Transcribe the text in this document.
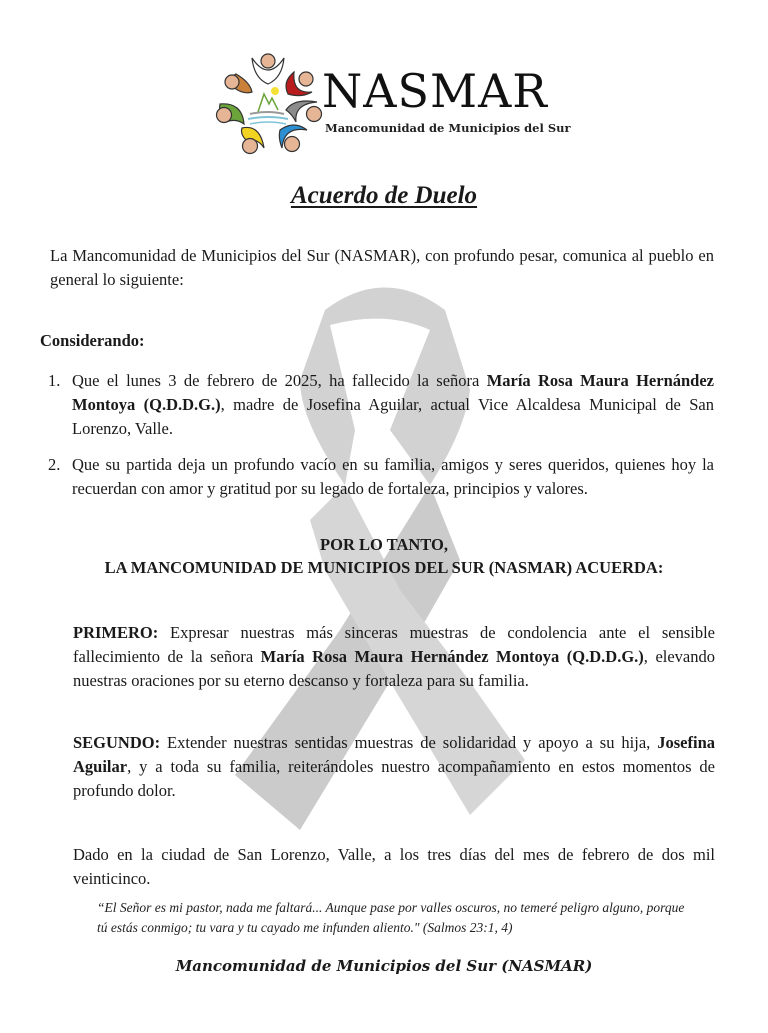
NASMAR
Mancomunidad de Municipios del Sur
Acuerdo de Duelo
La Mancomunidad de Municipios del Sur (NASMAR), con profundo pesar, comunica al pueblo en general lo siguiente:
Considerando:
1. Que el lunes 3 de febrero de 2025, ha fallecido la señora María Rosa Maura Hernández Montoya (Q.D.D.G.), madre de Josefina Aguilar, actual Vice Alcaldesa Municipal de San Lorenzo, Valle.
2. Que su partida deja un profundo vacío en su familia, amigos y seres queridos, quienes hoy la recuerdan con amor y gratitud por su legado de fortaleza, principios y valores.
POR LO TANTO,
LA MANCOMUNIDAD DE MUNICIPIOS DEL SUR (NASMAR) ACUERDA:
PRIMERO: Expresar nuestras más sinceras muestras de condolencia ante el sensible fallecimiento de la señora María Rosa Maura Hernández Montoya (Q.D.D.G.), elevando nuestras oraciones por su eterno descanso y fortaleza para su familia.
SEGUNDO: Extender nuestras sentidas muestras de solidaridad y apoyo a su hija, Josefina Aguilar, y a toda su familia, reiterándoles nuestro acompañamiento en estos momentos de profundo dolor.
Dado en la ciudad de San Lorenzo, Valle, a los tres días del mes de febrero de dos mil veinticinco.
“El Señor es mi pastor, nada me faltará... Aunque pase por valles oscuros, no temeré peligro alguno, porque tú estás conmigo; tu vara y tu cayado me infunden aliento." (Salmos 23:1, 4)
Mancomunidad de Municipios del Sur (NASMAR)
